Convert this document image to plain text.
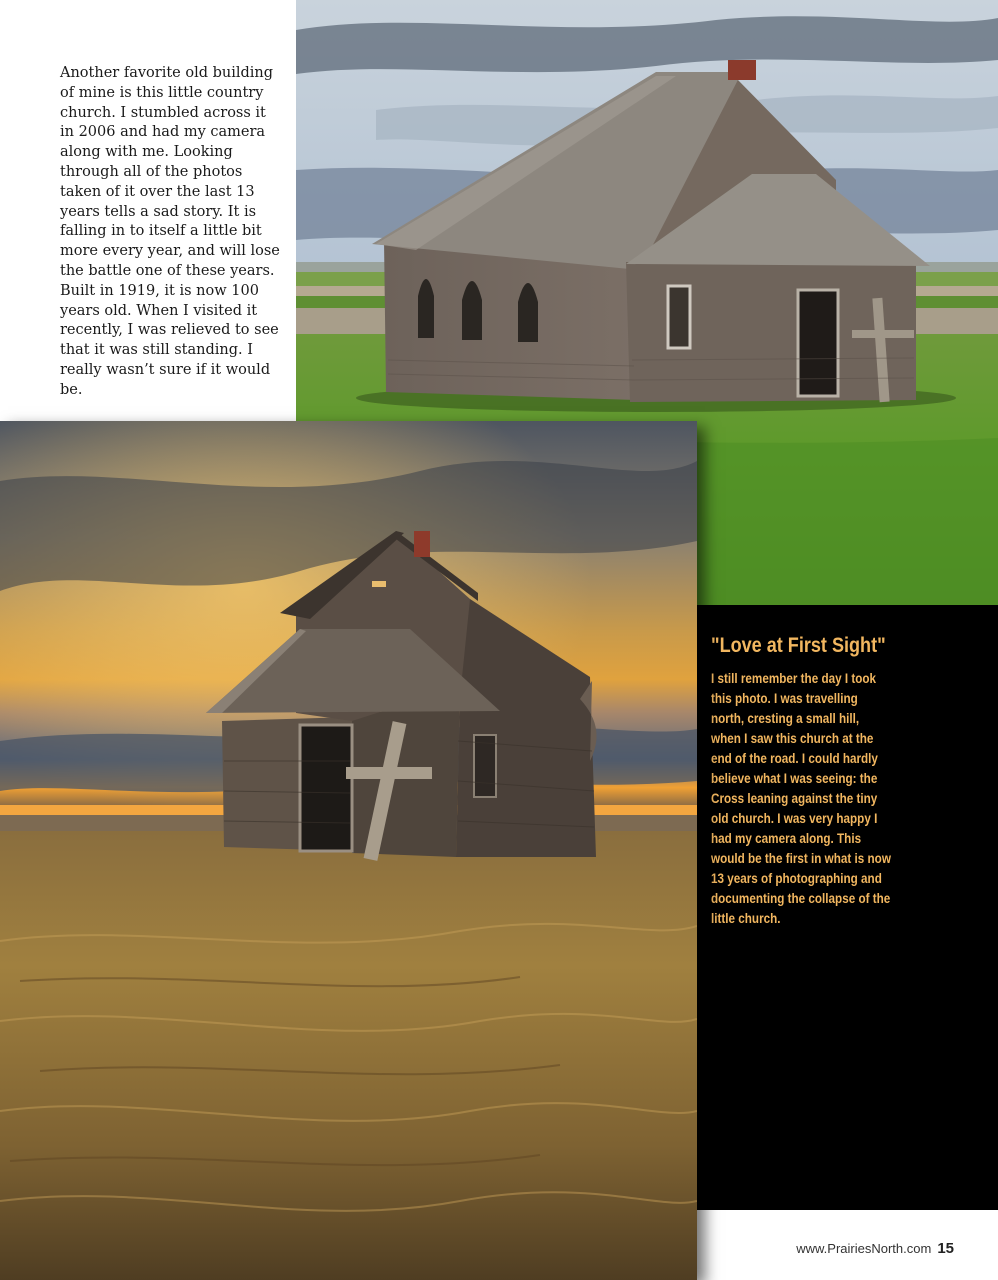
Another favorite old building of mine is this little country church. I stumbled across it in 2006 and had my camera along with me. Looking through all of the photos taken of it over the last 13 years tells a sad story. It is falling in to itself a little bit more every year, and will lose the battle one of these years. Built in 1919, it is now 100 years old. When I visited it recently, I was relieved to see that it was still standing. I really wasn’t sure if it would be.

"Love at First Sight"

I still remember the day I took this photo. I was travelling north, cresting a small hill, when I saw this church at the end of the road. I could hardly believe what I was seeing: the Cross leaning against the tiny old church. I was very happy I had my camera along. This would be the first in what is now 13 years of photographing and documenting the collapse of the little church.

www.PrairiesNorth.com 15
